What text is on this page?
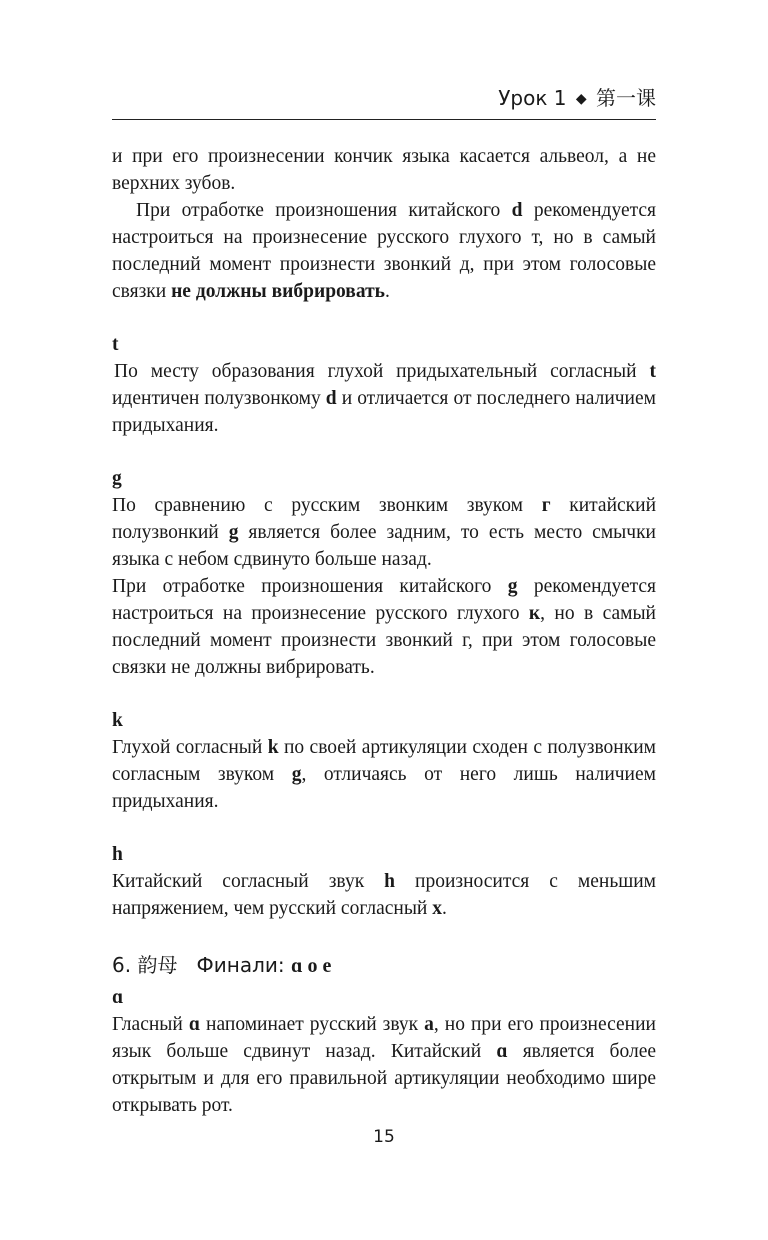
Урок 1 ◆ 第一课

и при его произнесении кончик языка касается альвеол, а не верхних зубов.

При отработке произношения китайского d рекомендуется настроиться на произнесение русского глухого т, но в самый последний момент произнести звонкий д, при этом голосовые связки не должны вибрировать.

t

По месту образования глухой придыхательный согласный t идентичен полузвонкому d и отличается от последнего наличием придыхания.

g

По сравнению с русским звонким звуком г китайский полузвонкий g является более задним, то есть место смычки языка с небом сдвинуто больше назад.

При отработке произношения китайского g рекомендуется настроиться на произнесение русского глухого к, но в самый последний момент произнести звонкий г, при этом голосовые связки не должны вибрировать.

k

Глухой согласный k по своей артикуляции сходен с полузвонким согласным звуком g, отличаясь от него лишь наличием придыхания.

h

Китайский согласный звук h произносится с меньшим напряжением, чем русский согласный х.

6. 韵母 Финали: ɑ o e

ɑ

Гласный ɑ напоминает русский звук а, но при его произнесении язык больше сдвинут назад. Китайский ɑ является более открытым и для его правильной артикуляции необходимо шире открывать рот.

15
